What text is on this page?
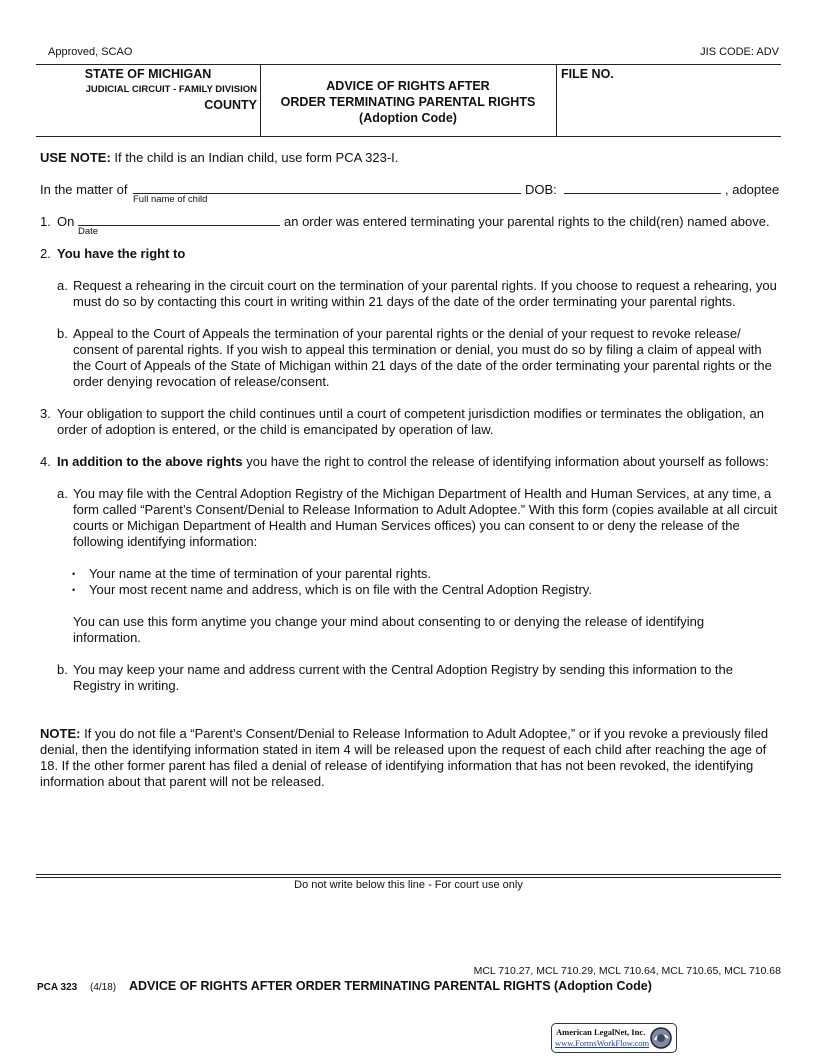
Approved, SCAO	JIS CODE: ADV
STATE OF MICHIGAN
JUDICIAL CIRCUIT - FAMILY DIVISION
COUNTY
ADVICE OF RIGHTS AFTER
ORDER TERMINATING PARENTAL RIGHTS
(Adoption Code)
FILE NO.
USE NOTE: If the child is an Indian child, use form PCA 323-I.
In the matter of
Full name of child
DOB:	, adoptee
1. On
Date
an order was entered terminating your parental rights to the child(ren) named above.
2. You have the right to
a. Request a rehearing in the circuit court on the termination of your parental rights. If you choose to request a rehearing, you must do so by contacting this court in writing within 21 days of the date of the order terminating your parental rights.
b. Appeal to the Court of Appeals the termination of your parental rights or the denial of your request to revoke release/ consent of parental rights. If you wish to appeal this termination or denial, you must do so by filing a claim of appeal with the Court of Appeals of the State of Michigan within 21 days of the date of the order terminating your parental rights or the order denying revocation of release/consent.
3. Your obligation to support the child continues until a court of competent jurisdiction modifies or terminates the obligation, an order of adoption is entered, or the child is emancipated by operation of law.
4. In addition to the above rights you have the right to control the release of identifying information about yourself as follows:
a. You may file with the Central Adoption Registry of the Michigan Department of Health and Human Services, at any time, a form called “Parent’s Consent/Denial to Release Information to Adult Adoptee.” With this form (copies available at all circuit courts or Michigan Department of Health and Human Services offices) you can consent to or deny the release of the following identifying information:
• Your name at the time of termination of your parental rights.
• Your most recent name and address, which is on file with the Central Adoption Registry.
You can use this form anytime you change your mind about consenting to or denying the release of identifying information.
b. You may keep your name and address current with the Central Adoption Registry by sending this information to the Registry in writing.
NOTE: If you do not file a “Parent’s Consent/Denial to Release Information to Adult Adoptee,” or if you revoke a previously filed denial, then the identifying information stated in item 4 will be released upon the request of each child after reaching the age of 18. If the other former parent has filed a denial of release of identifying information that has not been revoked, the identifying information about that parent will not be released.
Do not write below this line - For court use only
MCL 710.27, MCL 710.29, MCL 710.64, MCL 710.65, MCL 710.68
PCA 323 (4/18) ADVICE OF RIGHTS AFTER ORDER TERMINATING PARENTAL RIGHTS (Adoption Code)
American LegalNet, Inc.
www.FormsWorkFlow.com
